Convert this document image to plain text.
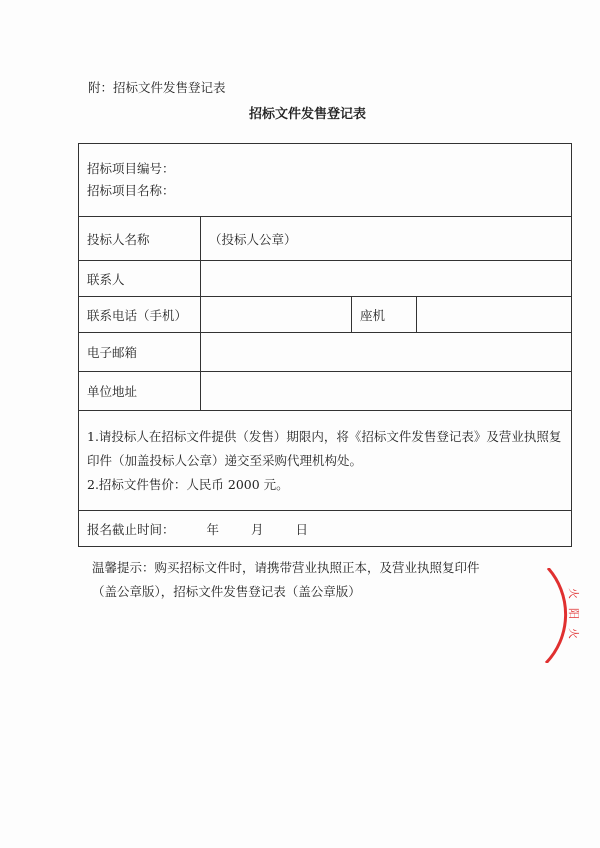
附：招标文件发售登记表
招标文件发售登记表
招标项目编号：
招标项目名称：			

投标人名称	（投标人公章）		
联系人			
联系电话（手机）		座机	
电子邮箱			
单位地址			

1.请投标人在招标文件提供（发售）期限内，将《招标文件发售登记表》及营业执照复印件（加盖投标人公章）递交至采购代理机构处。
2.招标文件售价：人民币 2000 元。			

报名截止时间： 年 月 日			
温馨提示：购买招标文件时，请携带营业执照正本，及营业执照复印件（盖公章版），招标文件发售登记表（盖公章版）	火
阳
火
